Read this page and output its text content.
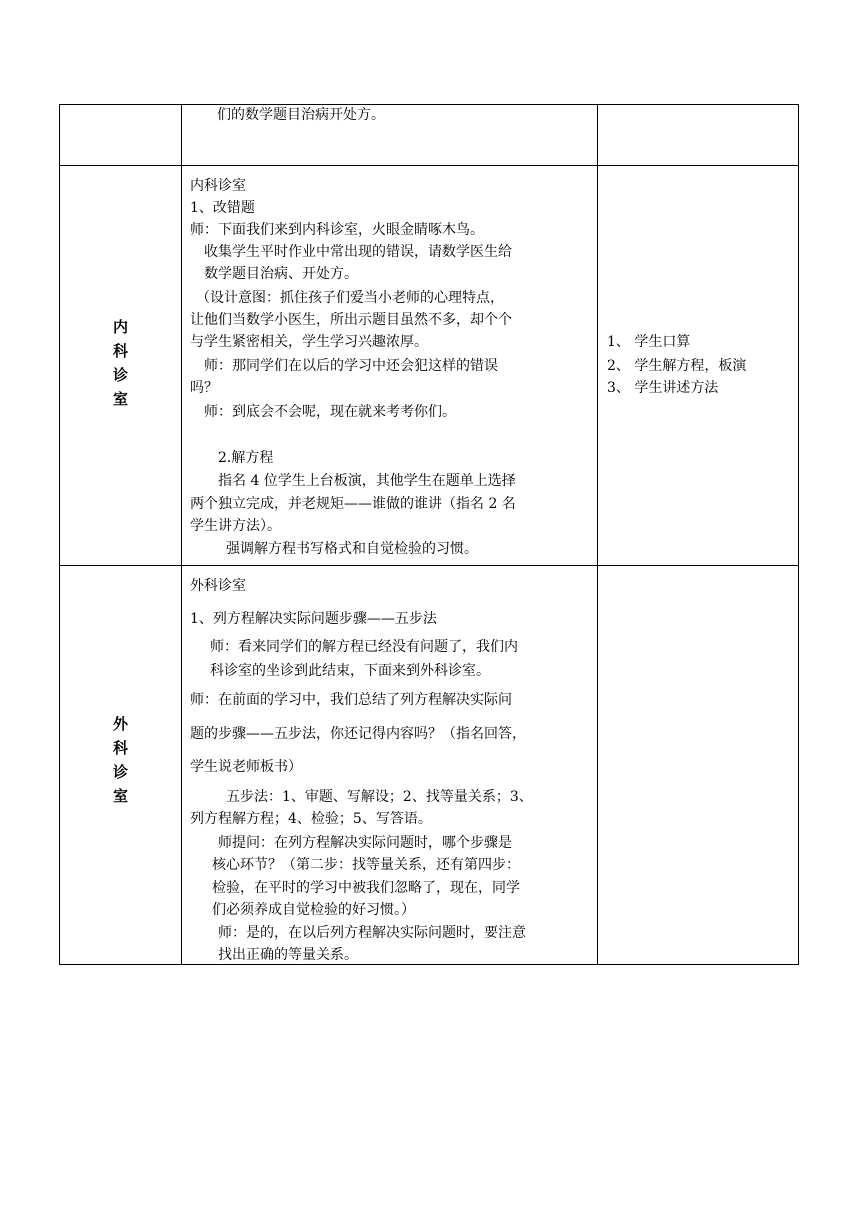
们的数学题目治病开处方。
内
科
诊
室
内科诊室
1、改错题
师：下面我们来到内科诊室，火眼金睛啄木鸟。
收集学生平时作业中常出现的错误，请数学医生给
数学题目治病、开处方。
（设计意图：抓住孩子们爱当小老师的心理特点，
让他们当数学小医生，所出示题目虽然不多，却个个
与学生紧密相关，学生学习兴趣浓厚。
师：那同学们在以后的学习中还会犯这样的错误
吗？
师：到底会不会呢，现在就来考考你们。
2.解方程
指名 4 位学生上台板演，其他学生在题单上选择
两个独立完成，并老规矩——谁做的谁讲（指名 2 名
学生讲方法）。
强调解方程书写格式和自觉检验的习惯。
1、 学生口算
2、 学生解方程，板演
3、 学生讲述方法
外
科
诊
室
外科诊室
1、列方程解决实际问题步骤——五步法
师：看来同学们的解方程已经没有问题了，我们内
科诊室的坐诊到此结束，下面来到外科诊室。
师：在前面的学习中，我们总结了列方程解决实际问
题的步骤——五步法，你还记得内容吗？（指名回答，
学生说老师板书）
五步法：1、审题、写解设；2、找等量关系；3、
列方程解方程；4、检验；5、写答语。
师提问：在列方程解决实际问题时，哪个步骤是
核心环节？（第二步：找等量关系，还有第四步：
检验，在平时的学习中被我们忽略了，现在，同学
们必须养成自觉检验的好习惯。）
师：是的，在以后列方程解决实际问题时，要注意
找出正确的等量关系。
